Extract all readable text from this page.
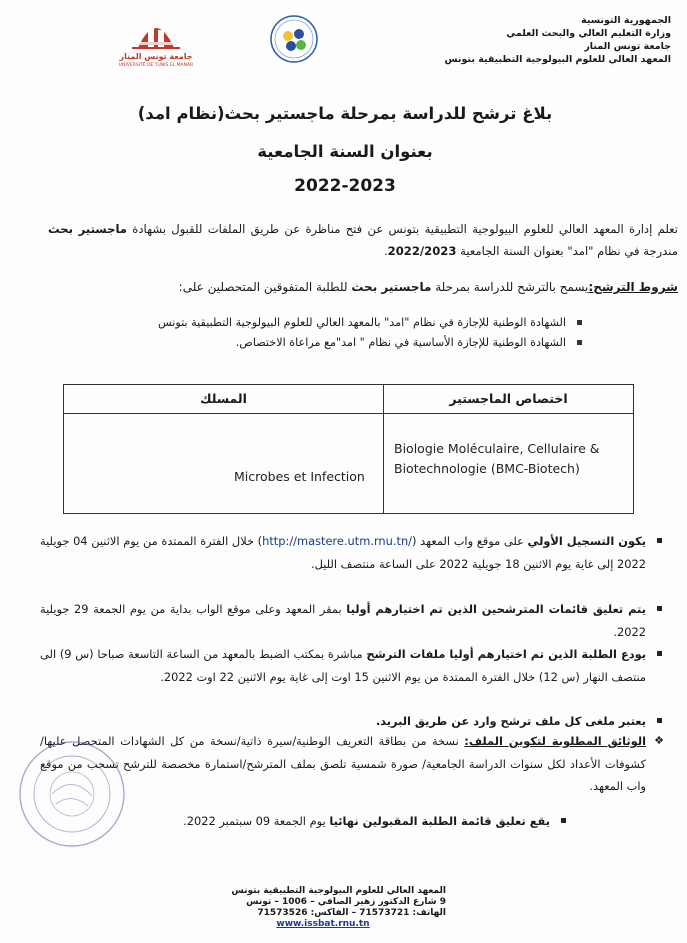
الجمهورية التونسية
وزارة التعليم العالي والبحث العلمي
جامعة تونس المنار
المعهد العالي للعلوم البيولوجية التطبيقية بتونس
جامعة تونس المنار
UNIVERSITÉ DE TUNIS EL MANAR
بلاغ ترشح للدراسة بمرحلة ماجستير بحث(نظام امد)
بعنوان السنة الجامعية
2022-2023
تعلم إدارة المعهد العالي للعلوم البيولوجية التطبيقية بتونس عن فتح مناظرة عن طريق الملفات للقبول بشهادة ماجستير بحث مندرجة في نظام "امد" بعنوان السنة الجامعية 2022/2023.
شروط الترشح:يسمح بالترشح للدراسة بمرحلة ماجستير بحث للطلبة المتفوقين المتحصلين على:
الشهادة الوطنية للإجازة في نظام "امد" بالمعهد العالي للعلوم البيولوجية التطبيقية بتونس
الشهادة الوطنية للإجازة الأساسية في نظام " امد"مع مراعاة الاختصاص.
اختصاص الماجستير
المسلك
Biologie Moléculaire, Cellulaire &
Biotechnologie (BMC-Biotech)
Microbes et Infection
يكون التسجيل الأولي على موقع واب المعهد (http://mastere.utm.rnu.tn/) خلال الفترة الممتدة من يوم الاثنين 04 جويلية 2022 إلى غاية يوم الاثنين 18 جويلية 2022 على الساعة منتصف الليل.
يتم تعليق قائمات المترشحين الذين تم اختيارهم أوليا بمقر المعهد وعلى موقع الواب بداية من يوم الجمعة 29 جويلية 2022.
يودع الطلبة الذين تم اختيارهم أوليا ملفات الترشح مباشرة بمكتب الضبط بالمعهد من الساعة التاسعة صباحا (س 9) الى منتصف النهار (س 12) خلال الفترة الممتدة من يوم الاثنين 15 اوت إلى غاية يوم الاثنين 22 اوت 2022.
يعتبر ملغى كل ملف ترشح وارد عن طريق البريد.
❖
الوثائق المطلوبة لتكوين الملف: نسخة من بطاقة التعريف الوطنية/سيرة ذاتية/نسخة من كل الشهادات المتحصل عليها/كشوفات الأعداد لكل سنوات الدراسة الجامعية/ صورة شمسية تلصق بملف المترشح/استمارة مخصصة للترشح تسحب من موقع واب المعهد.
يقع تعليق قائمة الطلبة المقبولين نهائيا يوم الجمعة 09 سبتمبر 2022.
المعهد العالي للعلوم البيولوجية التطبيقية بتونس
9 شارع الدكتور زهير الصافي – 1006 – تونس
الهاتف: 71573721 – الفاكس: 71573526
www.issbat.rnu.tn
